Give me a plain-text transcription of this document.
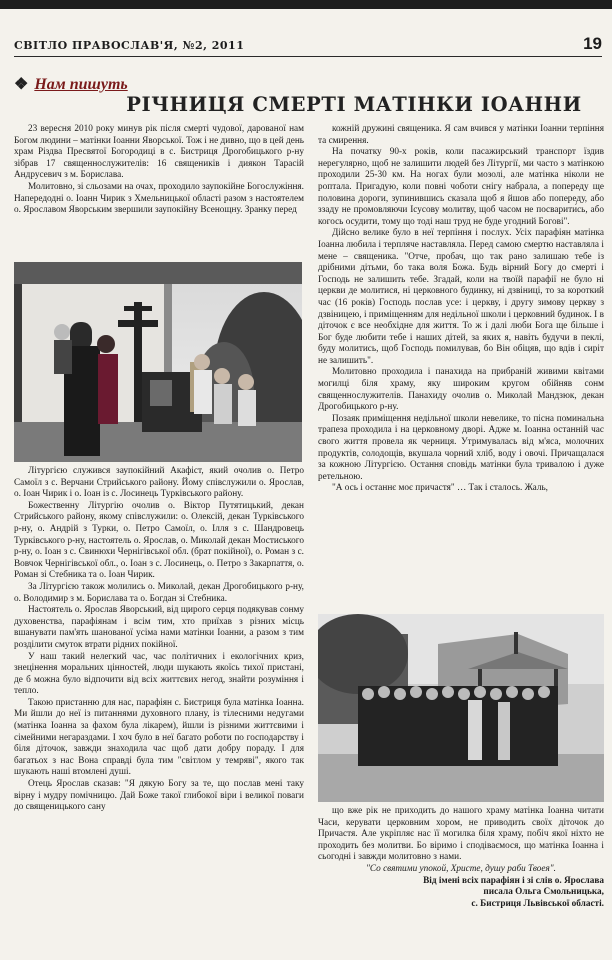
СВІТЛО ПРАВОСЛАВ'Я, №2, 2011	19
❖ Нам пишуть
РІЧНИЦЯ СМЕРТІ МАТІНКИ ІОАННИ

23 вересня 2010 року минув рік після смерті чудової, дарованої нам Богом людини – матінки Іоанни Яворської. Тож і не дивно, що в цей день храм Різдва Пресвятої Богородиці в с. Бистриця Дрогобицького р-ну зібрав 17 священнослужителів: 16 священиків і диякон Тарасій Андрусевич з м. Борислава.

Молитовно, зі сльозами на очах, проходило заупокійне Богослужіння. Напередодні о. Іоанн Чирик з Хмельницької області разом з настоятелем о. Ярославом Яворським звершили заупокійну Всенощну. Зранку перед

Літургією служився заупокійний Акафіст, який очолив о. Петро Самоїл з с. Верчани Стрийського району. Йому співслужили о. Ярослав, о. Іоан Чирик і о. Іоан із с. Лосинець Турківського району.

Божественну Літургію очолив о. Віктор Путятицький, декан Стрийського району, якому співслужили: о. Олексій, декан Турківського р-ну, о. Андрій з Турки, о. Петро Самоїл, о. Ілля з с. Шандровець Турківського р-ну, настоятель о. Ярослав, о. Миколай декан Мостиського р-ну, о. Іоан з с. Свинюхи Чернігівської обл. (брат покійної), о. Роман з с. Вовчок Чернігівської обл., о. Іоан з с. Лосинець, о. Петро з Закарпаття, о. Роман зі Стебника та о. Іоан Чирик.

За Літургією також молились о. Миколай, декан Дрогобицького р-ну, о. Володимир з м. Борислава та о. Богдан зі Стебника.

Настоятель о. Ярослав Яворський, від щирого серця подякував сонму духовенства, парафіянам і всім тим, хто приїхав з різних місць вшанувати пам'ять шанованої усіма нами матінки Іоанни, а разом з тим розділити смуток втрати рідних покійної.

У наш такий нелегкий час, час політичних і екологічних криз, знецінення моральних цінностей, люди шукають якоїсь тихої пристані, де б можна було відпочити від всіх життєвих негод, знайти розуміння і тепло.

Такою пристанню для нас, парафіян с. Бистриця була матінка Іоанна. Ми йшли до неї із питаннями духовного плану, із тілесними недугами (матінка Іоанна за фахом була лікарем), йшли із різними життєвими і сімейними негараздами. І хоч було в неї багато роботи по господарству і біля діточок, завжди знаходила час щоб дати добру пораду. І для багатьох з нас Вона справді була тим "світлом у темряві", якого так шукають наші втомлені душі.

Отець Ярослав сказав: "Я дякую Богу за те, що послав мені таку вірну і мудру помічницю. Дай Боже такої глибокої віри і великої поваги до священицького сану

кожній дружині священика. Я сам вчився у матінки Іоанни терпіння та смирення.

На початку 90-х років, коли пасажирський транспорт їздив нерегулярно, щоб не залишити людей без Літургії, ми часто з матінкою проходили 25-30 км. На ногах були мозолі, але матінка ніколи не роптала. Пригадую, коли повні чоботи снігу набрала, а попереду ще половина дороги, зупинившись сказала щоб я йшов або попереду, або ззаду не промовляючи Ісусову молитву, щоб часом не посварити́сь, або когось осудити, тому що тоді наш труд не буде угодний Богові".

Дійсно велике було в неї терпіння і послух. Усіх парафіян матінка Іоанна любила і терпляче наставляла. Перед самою смертю наставляла і мене – священика. "Отче, пробач, що так рано залишаю тебе із дрібними дітьми, бо така воля Божа. Будь вірний Богу до смерті і Господь не залишить тебе. Згадай, коли на твоїй парафії не було ні церкви де молитися, ні церковного будинку, ні дзвіниці, то за короткий час (16 років) Господь послав усе: і церкву, і другу зимову церкву з дзвіницею, і приміщенням для недільної школи і церковний будинок. І в діточок є все необхідне для життя. То ж і далі люби Бога ще більше і Бог буде любити тебе і наших дітей, за яких я, навіть будучи в пеклі, буду молитись, щоб Господь помилував, бо Він обіцяв, що вдів і сиріт не залишить".

Молитовно проходила і панахида на прибраній живими квітами могилці біля храму, яку широким кругом обійняв сонм священнослужителів. Панахиду очолив о. Миколай Мандзюк, декан Дрогобицького р-ну.

Позаяк приміщення недільної школи невелике, то пісна поминальна трапеза проходила і на церковному дворі. Адже м. Іоанна останній час свого життя провела як черниця. Утримувалась від м'яса, молочних продуктів, солодощів, вкушала чорний хліб, воду і овочі. Причащалася за кожною Літургією. Остання сповідь матінки була тривалою і дуже ретельною.

"А ось і останнє моє причастя" … Так і сталось. Жаль,

що вже рік не приходить до нашого храму матінка Іоанна читати Часи, керувати церковним хором, не приводить своїх діточок до Причастя. Але укріпляє нас її могилка біля храму, побіч якої ніхто не проходить без молитви. Бо віримо і сподіваємося, що матінка Іоанна і сьогодні і завжди молитовно з нами.

"Со святими упокой, Христе, душу раби Твоея".

Від імені всіх парафіян і зі слів о. Ярослава

писала Ольга Смольницька,

с. Бистриця Львівської області.
